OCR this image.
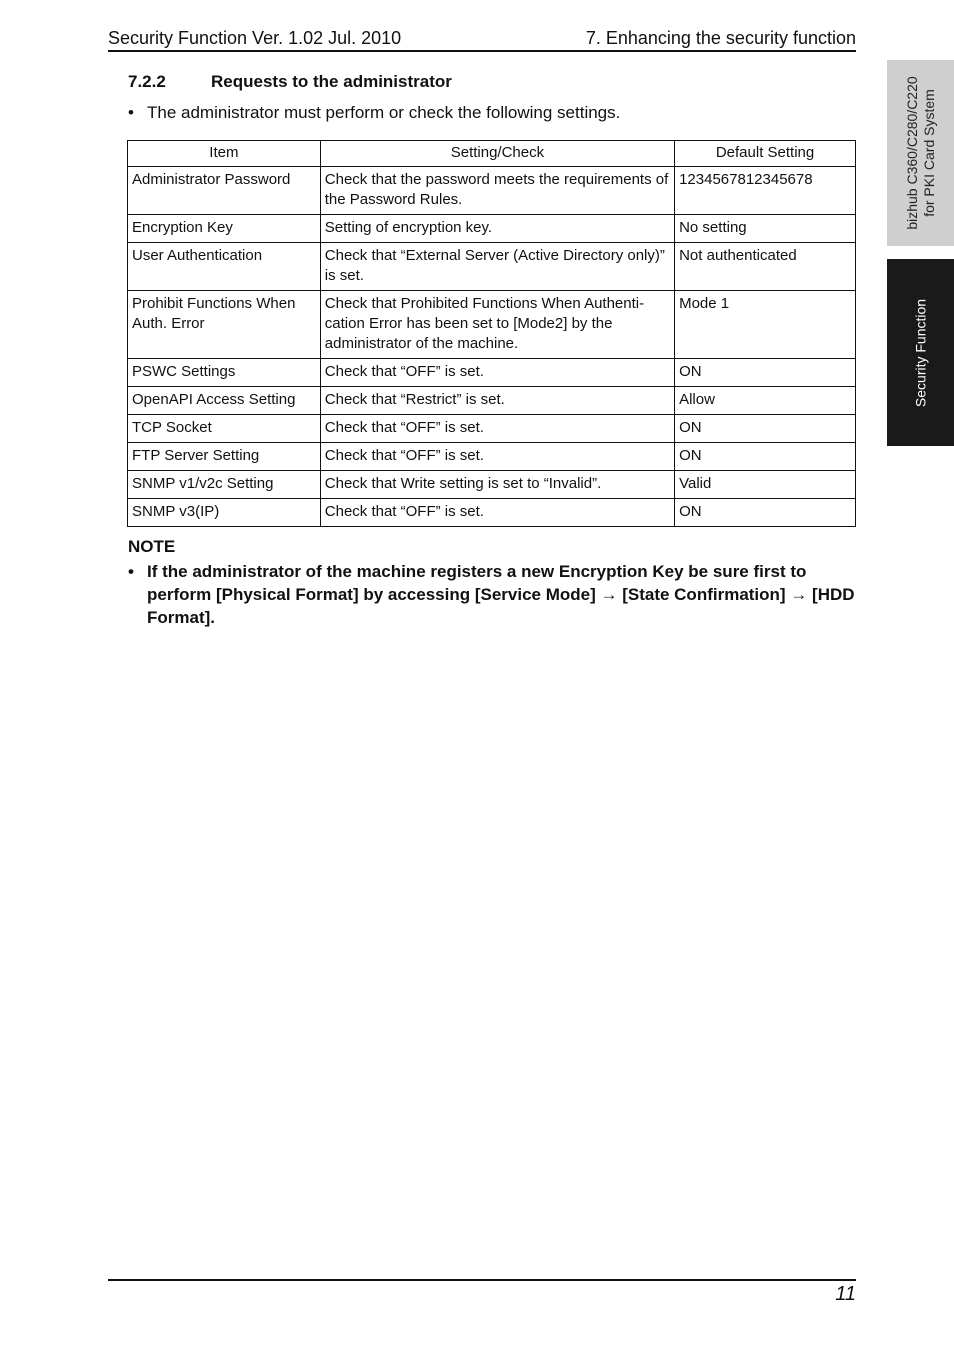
Security Function Ver. 1.02 Jul. 2010	7. Enhancing the security function
bizhub C360/C280/C220 for PKI Card System
Security Function
7.2.2	Requests to the administrator
• The administrator must perform or check the following settings.
Item	Setting/Check	Default Setting
Administrator Password	Check that the password meets the requirements of the Password Rules.	1234567812345678
Encryption Key	Setting of encryption key.	No setting
User Authentication	Check that “External Server (Active Directory only)” is set.	Not authenticated
Prohibit Functions When Auth. Error	Check that Prohibited Functions When Authenti-cation Error has been set to [Mode2] by the administrator of the machine.	Mode 1
PSWC Settings	Check that “OFF” is set.	ON
OpenAPI Access Setting	Check that “Restrict” is set.	Allow
TCP Socket	Check that “OFF” is set.	ON
FTP Server Setting	Check that “OFF” is set.	ON
SNMP v1/v2c Setting	Check that Write setting is set to “Invalid”.	Valid
SNMP v3(IP)	Check that “OFF” is set.	ON
NOTE
• If the administrator of the machine registers a new Encryption Key be sure first to perform [Physical Format] by accessing [Service Mode] → [State Confirmation] → [HDD Format].
11
